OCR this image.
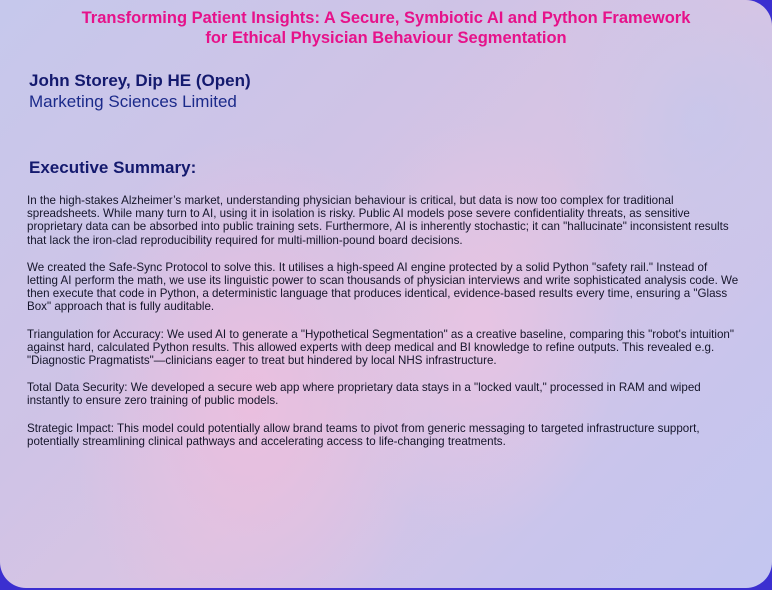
Transforming Patient Insights: A Secure, Symbiotic AI and Python Framework
for Ethical Physician Behaviour Segmentation
John Storey, Dip HE (Open)
Marketing Sciences Limited
Executive Summary:

In the high-stakes Alzheimer’s market, understanding physician behaviour is critical, but data is now too complex for traditional spreadsheets. While many turn to AI, using it in isolation is risky. Public AI models pose severe confidentiality threats, as sensitive proprietary data can be absorbed into public training sets. Furthermore, AI is inherently stochastic; it can "hallucinate" inconsistent results that lack the iron-clad reproducibility required for multi-million-pound board decisions.

We created the Safe-Sync Protocol to solve this. It utilises a high-speed AI engine protected by a solid Python "safety rail." Instead of letting AI perform the math, we use its linguistic power to scan thousands of physician interviews and write sophisticated analysis code. We then execute that code in Python, a deterministic language that produces identical, evidence-based results every time, ensuring a "Glass Box" approach that is fully auditable.

Triangulation for Accuracy: We used AI to generate a "Hypothetical Segmentation" as a creative baseline, comparing this "robot's intuition" against hard, calculated Python results. This allowed experts with deep medical and BI knowledge to refine outputs. This revealed e.g. "Diagnostic Pragmatists"—clinicians eager to treat but hindered by local NHS infrastructure.

Total Data Security: We developed a secure web app where proprietary data stays in a "locked vault," processed in RAM and wiped instantly to ensure zero training of public models.

Strategic Impact: This model could potentially allow brand teams to pivot from generic messaging to targeted infrastructure support, potentially streamlining clinical pathways and accelerating access to life-changing treatments.
